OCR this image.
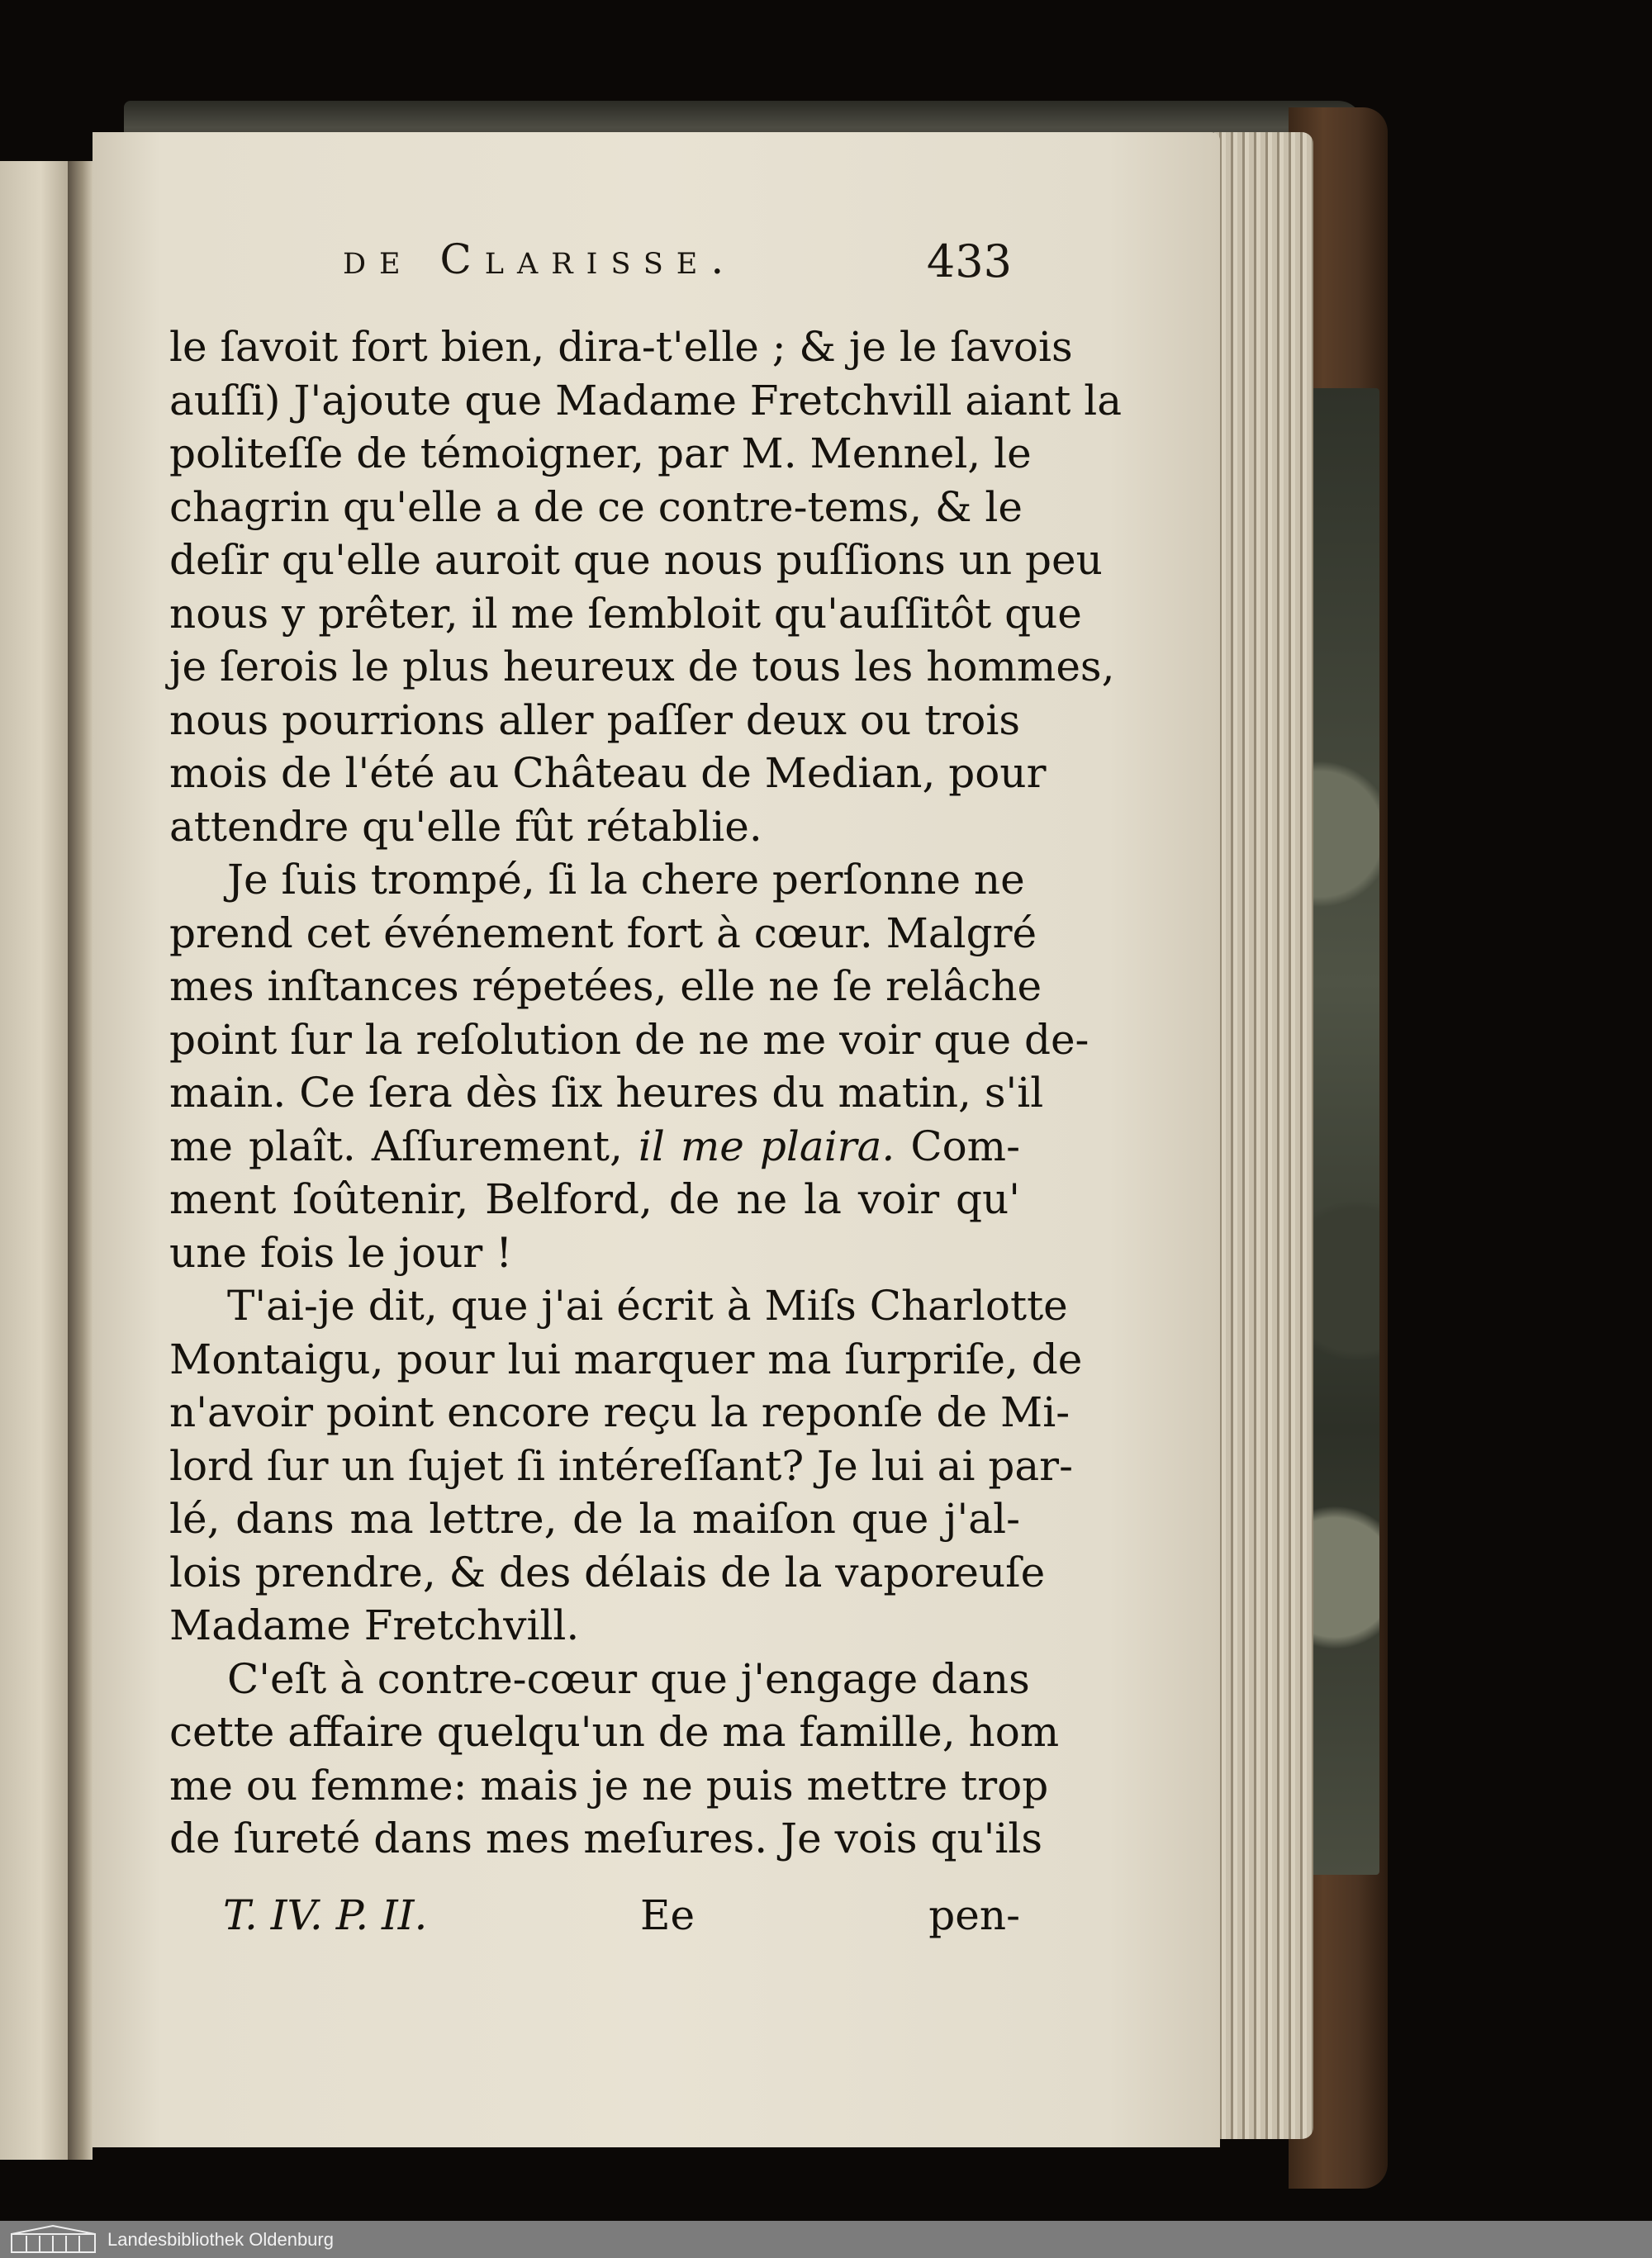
de Clarisse.	433
le ſavoit fort bien, dira-t'elle ; & je le ſavois
auſſi) J'ajoute que Madame Fretchvill aiant la
politeſſe de témoigner, par M. Mennel, le
chagrin qu'elle a de ce contre-tems, & le
deſir qu'elle auroit que nous puſſions un peu
nous y prêter, il me ſembloit qu'auſſitôt que
je ſerois le plus heureux de tous les hommes,
nous pourrions aller paſſer deux ou trois
mois de l'été au Château de Median, pour
attendre qu'elle fût rétablie.
Je ſuis trompé, ſi la chere perſonne ne
prend cet événement fort à cœur. Malgré
mes inſtances répetées, elle ne ſe relâche
point ſur la reſolution de ne me voir que de-
main. Ce ſera dès ſix heures du matin, s'il
me plaît. Aſſurement, il me plaira. Com-
ment ſoûtenir, Belford, de ne la voir qu'
une fois le jour !
T'ai-je dit, que j'ai écrit à Miſs Charlotte
Montaigu, pour lui marquer ma ſurpriſe, de
n'avoir point encore reçu la reponſe de Mi-
lord ſur un ſujet ſi intéreſſant? Je lui ai par-
lé, dans ma lettre, de la maiſon que j'al-
lois prendre, & des délais de la vaporeuſe
Madame Fretchvill.
C'eſt à contre-cœur que j'engage dans
cette affaire quelqu'un de ma famille, hom
me ou femme: mais je ne puis mettre trop
de ſureté dans mes meſures. Je vois qu'ils
T. IV. P. II.	Ee	pen-
Landesbibliothek Oldenburg
